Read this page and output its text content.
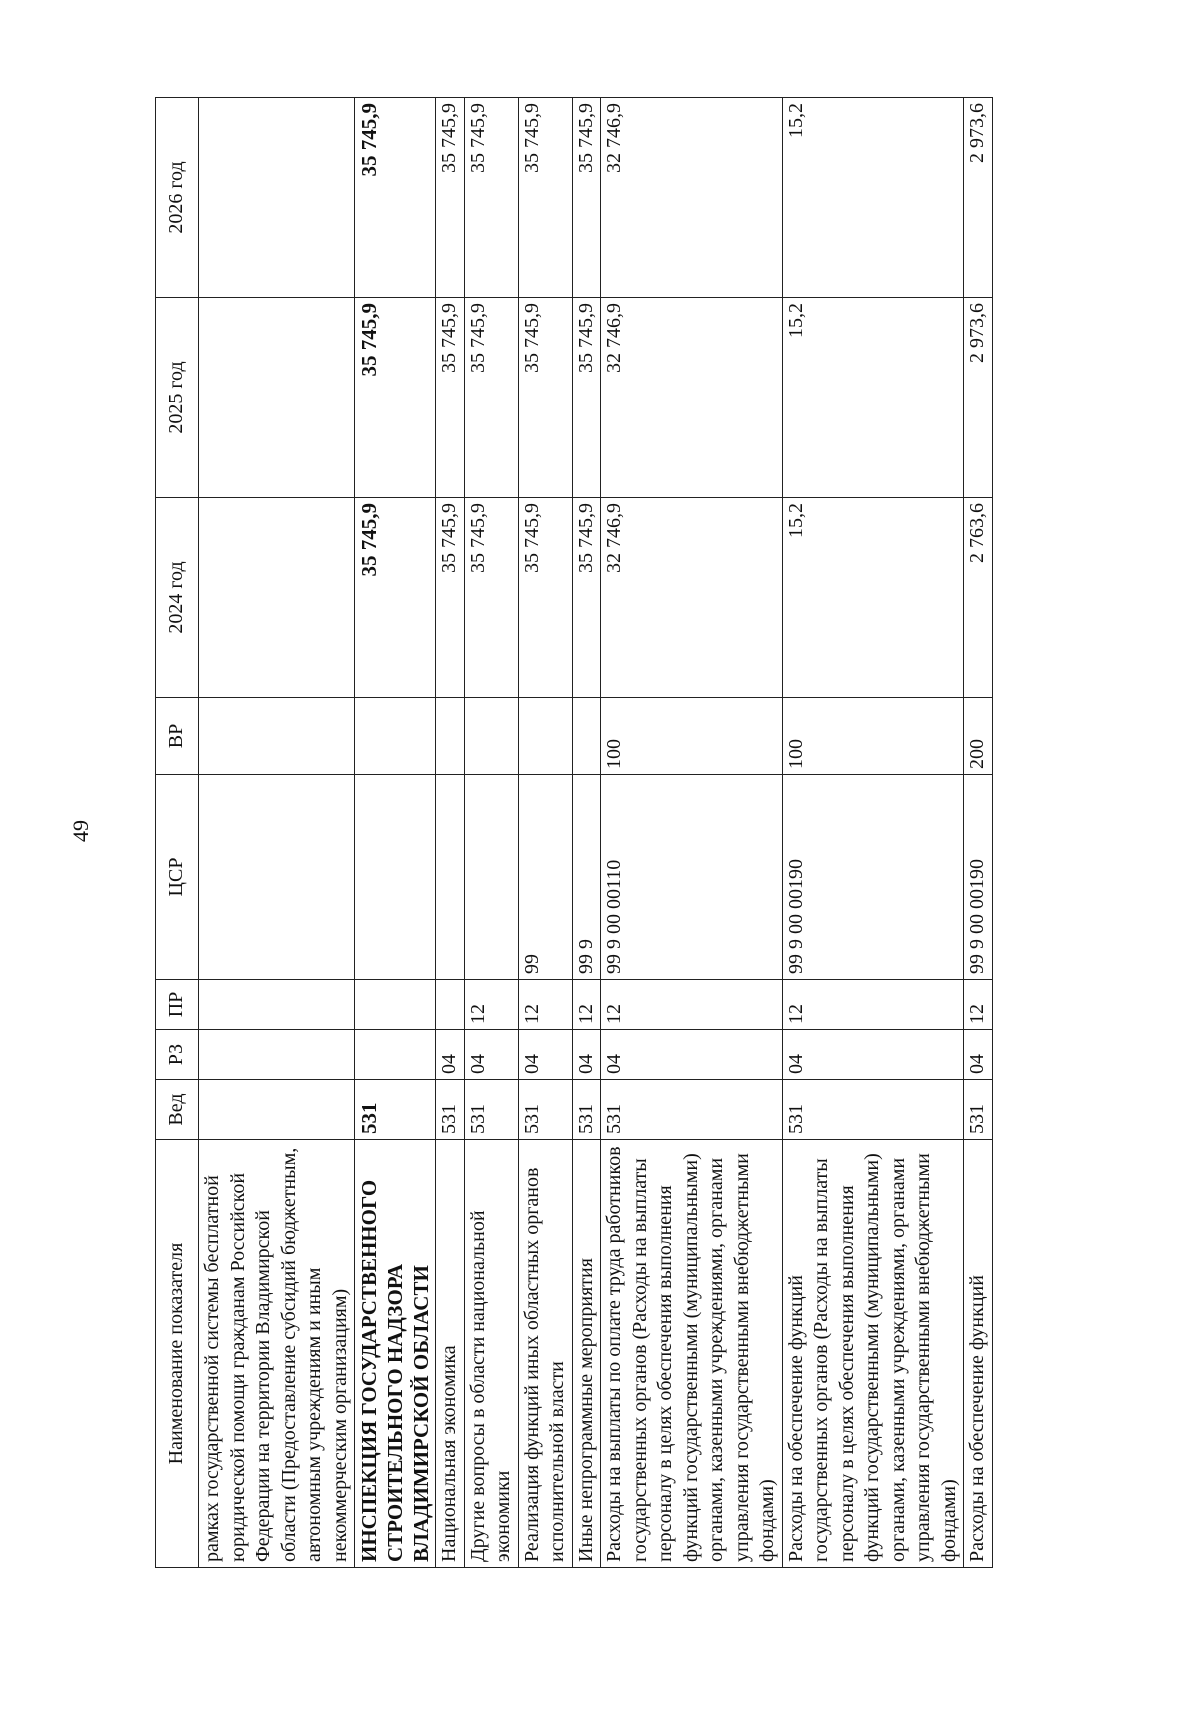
49
Наименование показателя	Вед	РЗ	ПР	ЦСР	ВР	2024 год	2025 год	2026 год
рамках государственной системы бесплатной юридической помощи гражданам Российской Федерации на территории Владимирской области (Предоставление субсидий бюджетным, автономным учреждениям и иным некоммерческим организациям)								
ИНСПЕКЦИЯ ГОСУДАРСТВЕННОГО СТРОИТЕЛЬНОГО НАДЗОРА ВЛАДИМИРСКОЙ ОБЛАСТИ	531					35 745,9	35 745,9	35 745,9
Национальная экономика	531	04				35 745,9	35 745,9	35 745,9
Другие вопросы в области национальной экономики	531	04	12			35 745,9	35 745,9	35 745,9
Реализация функций иных областных органов исполнительной власти	531	04	12	99		35 745,9	35 745,9	35 745,9
Иные непрограммные мероприятия	531	04	12	99 9		35 745,9	35 745,9	35 745,9
Расходы на выплаты по оплате труда работников государственных органов (Расходы на выплаты персоналу в целях обеспечения выполнения функций государственными (муниципальными) органами, казенными учреждениями, органами управления государственными внебюджетными фондами)	531	04	12	99 9 00 00110	100	32 746,9	32 746,9	32 746,9
Расходы на обеспечение функций государственных органов (Расходы на выплаты персоналу в целях обеспечения выполнения функций государственными (муниципальными) органами, казенными учреждениями, органами управления государственными внебюджетными фондами)	531	04	12	99 9 00 00190	100	15,2	15,2	15,2
Расходы на обеспечение функций	531	04	12	99 9 00 00190	200	2 763,6	2 973,6	2 973,6
